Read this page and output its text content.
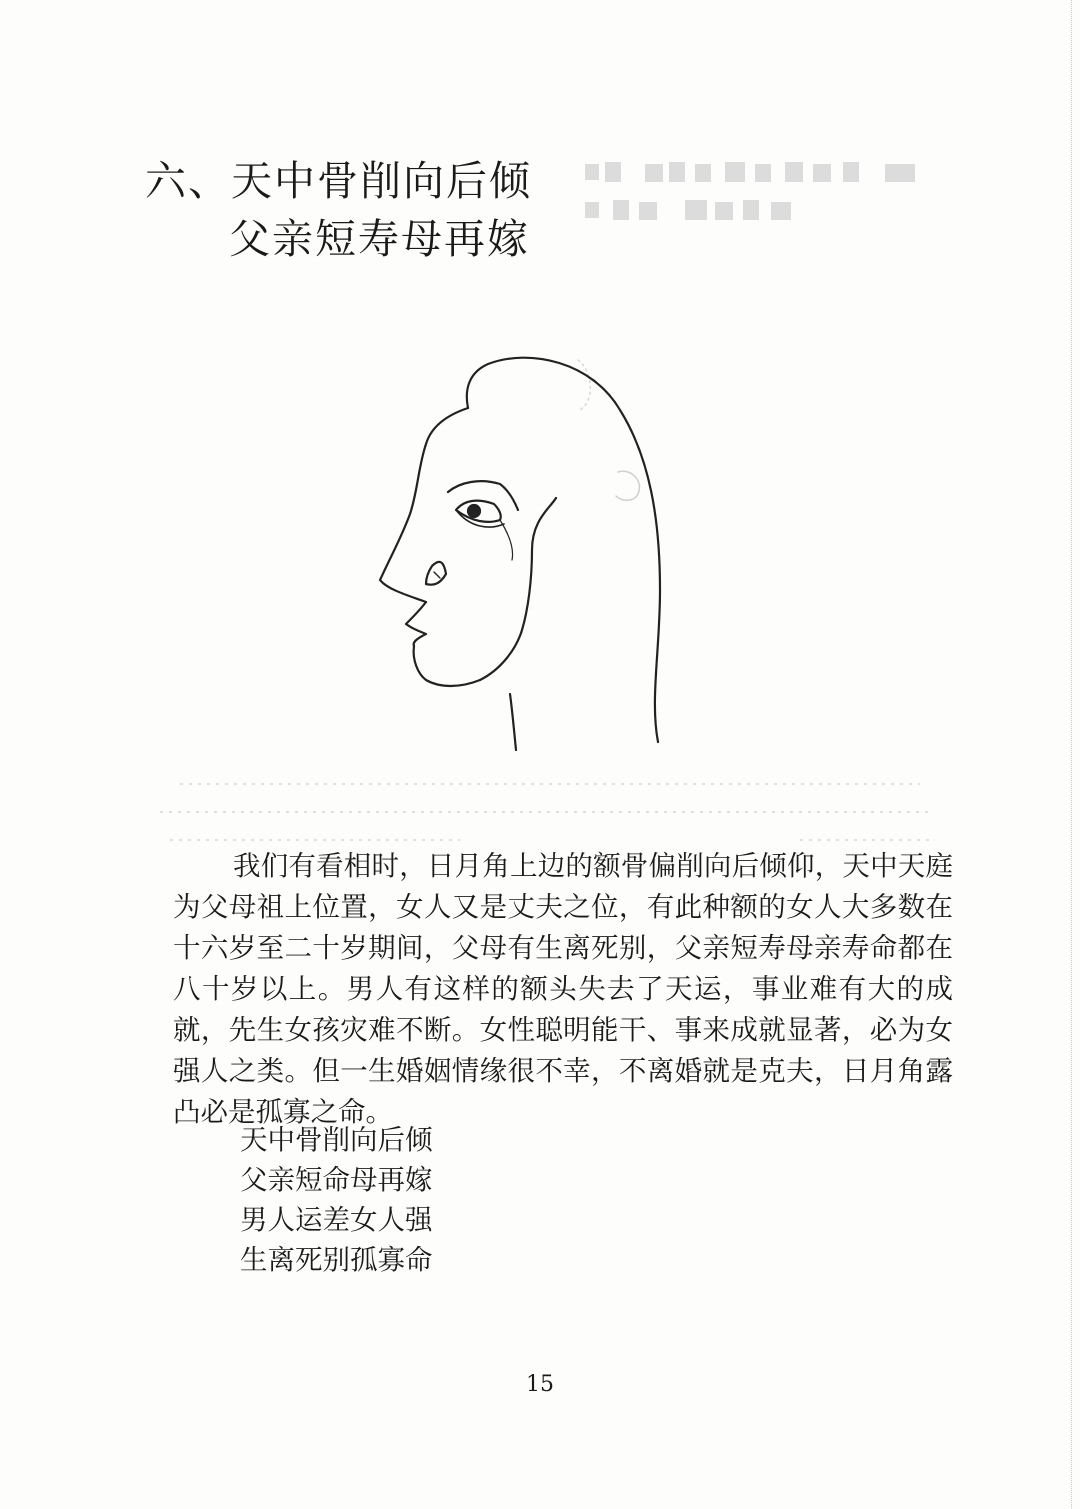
六、天中骨削向后倾
父亲短寿母再嫁

我们有看相时，日月角上边的额骨偏削向后倾仰，天中天庭为父母祖上位置，女人又是丈夫之位，有此种额的女人大多数在十六岁至二十岁期间，父母有生离死别，父亲短寿母亲寿命都在八十岁以上。男人有这样的额头失去了天运，事业难有大的成就，先生女孩灾难不断。女性聪明能干、事来成就显著，必为女强人之类。但一生婚姻情缘很不幸，不离婚就是克夫，日月角露凸必是孤寡之命。

天中骨削向后倾
父亲短命母再嫁
男人运差女人强
生离死别孤寡命
15
